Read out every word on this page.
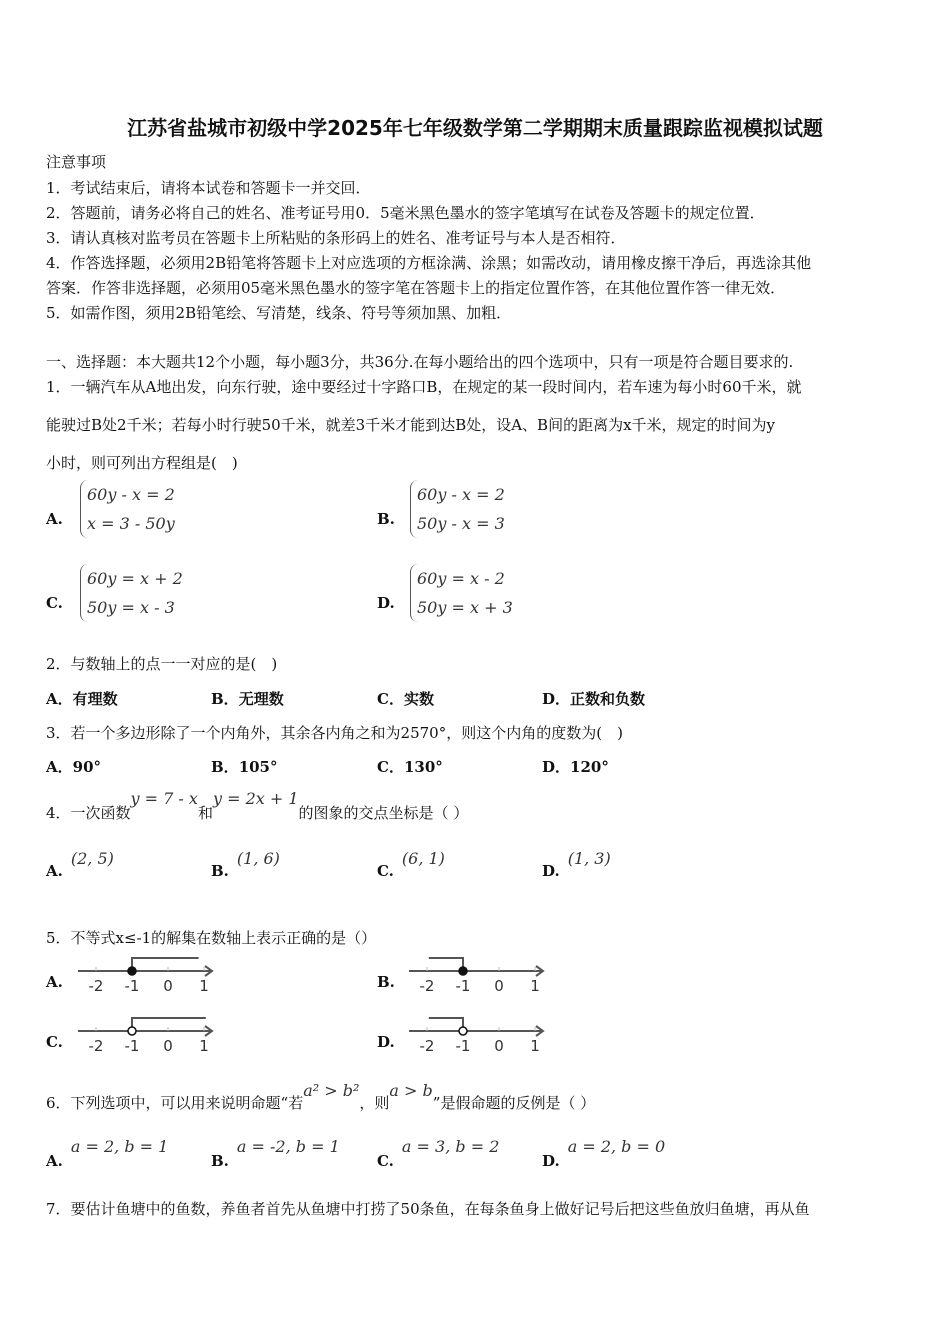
江苏省盐城市初级中学2025年七年级数学第二学期期末质量跟踪监视模拟试题
注意事项
1．考试结束后，请将本试卷和答题卡一并交回．
2．答题前，请务必将自己的姓名、准考证号用0．5毫米黑色墨水的签字笔填写在试卷及答题卡的规定位置．
3．请认真核对监考员在答题卡上所粘贴的条形码上的姓名、准考证号与本人是否相符．
4．作答选择题，必须用2B铅笔将答题卡上对应选项的方框涂满、涂黑；如需改动，请用橡皮擦干净后，再选涂其他
答案．作答非选择题，必须用05毫米黑色墨水的签字笔在答题卡上的指定位置作答，在其他位置作答一律无效．
5．如需作图，须用2B铅笔绘、写清楚，线条、符号等须加黑、加粗．
一、选择题：本大题共12个小题，每小题3分，共36分.在每小题给出的四个选项中，只有一项是符合题目要求的.
1．一辆汽车从A地出发，向东行驶，途中要经过十字路口B，在规定的某一段时间内，若车速为每小时60千米，就
能驶过B处2千米；若每小时行驶50千米，就差3千米才能到达B处，设A、B间的距离为x千米，规定的时间为y
小时，则可列出方程组是(　)
A.
60y - x = 2
x = 3 - 50y	B.
60y - x = 2
50y - x = 3
C.
60y = x + 2
50y = x - 3	D.
60y = x - 2
50y = x + 3
2．与数轴上的点一一对应的是(　)
3．若一个多边形除了一个内角外，其余各内角之和为2570°，则这个内角的度数为(　)
4．一次函数y = 7 - x和y = 2x + 1的图象的交点坐标是（ ）
5．不等式x≤-1的解集在数轴上表示正确的是（）
6．下列选项中，可以用来说明命题“若a² > b²，则a > b”是假命题的反例是（ ）
7．要估计鱼塘中的鱼数，养鱼者首先从鱼塘中打捞了50条鱼，在每条鱼身上做好记号后把这些鱼放归鱼塘，再从鱼
A．有理数	B．无理数	C．实数	D．正数和负数
A．90°	B．105°	C．130°	D．120°
A.(2, 5)
B.(1, 6)
C.(6, 1)
D.(1, 3)
A.a = 2, b = 1
B.a = -2, b = 1
C.a = 3, b = 2
D.a = 2, b = 0
A. -2 -1 0 1	B. -2 -1 0 1
C. -2 -1 0 1	D. -2 -1 0 1
